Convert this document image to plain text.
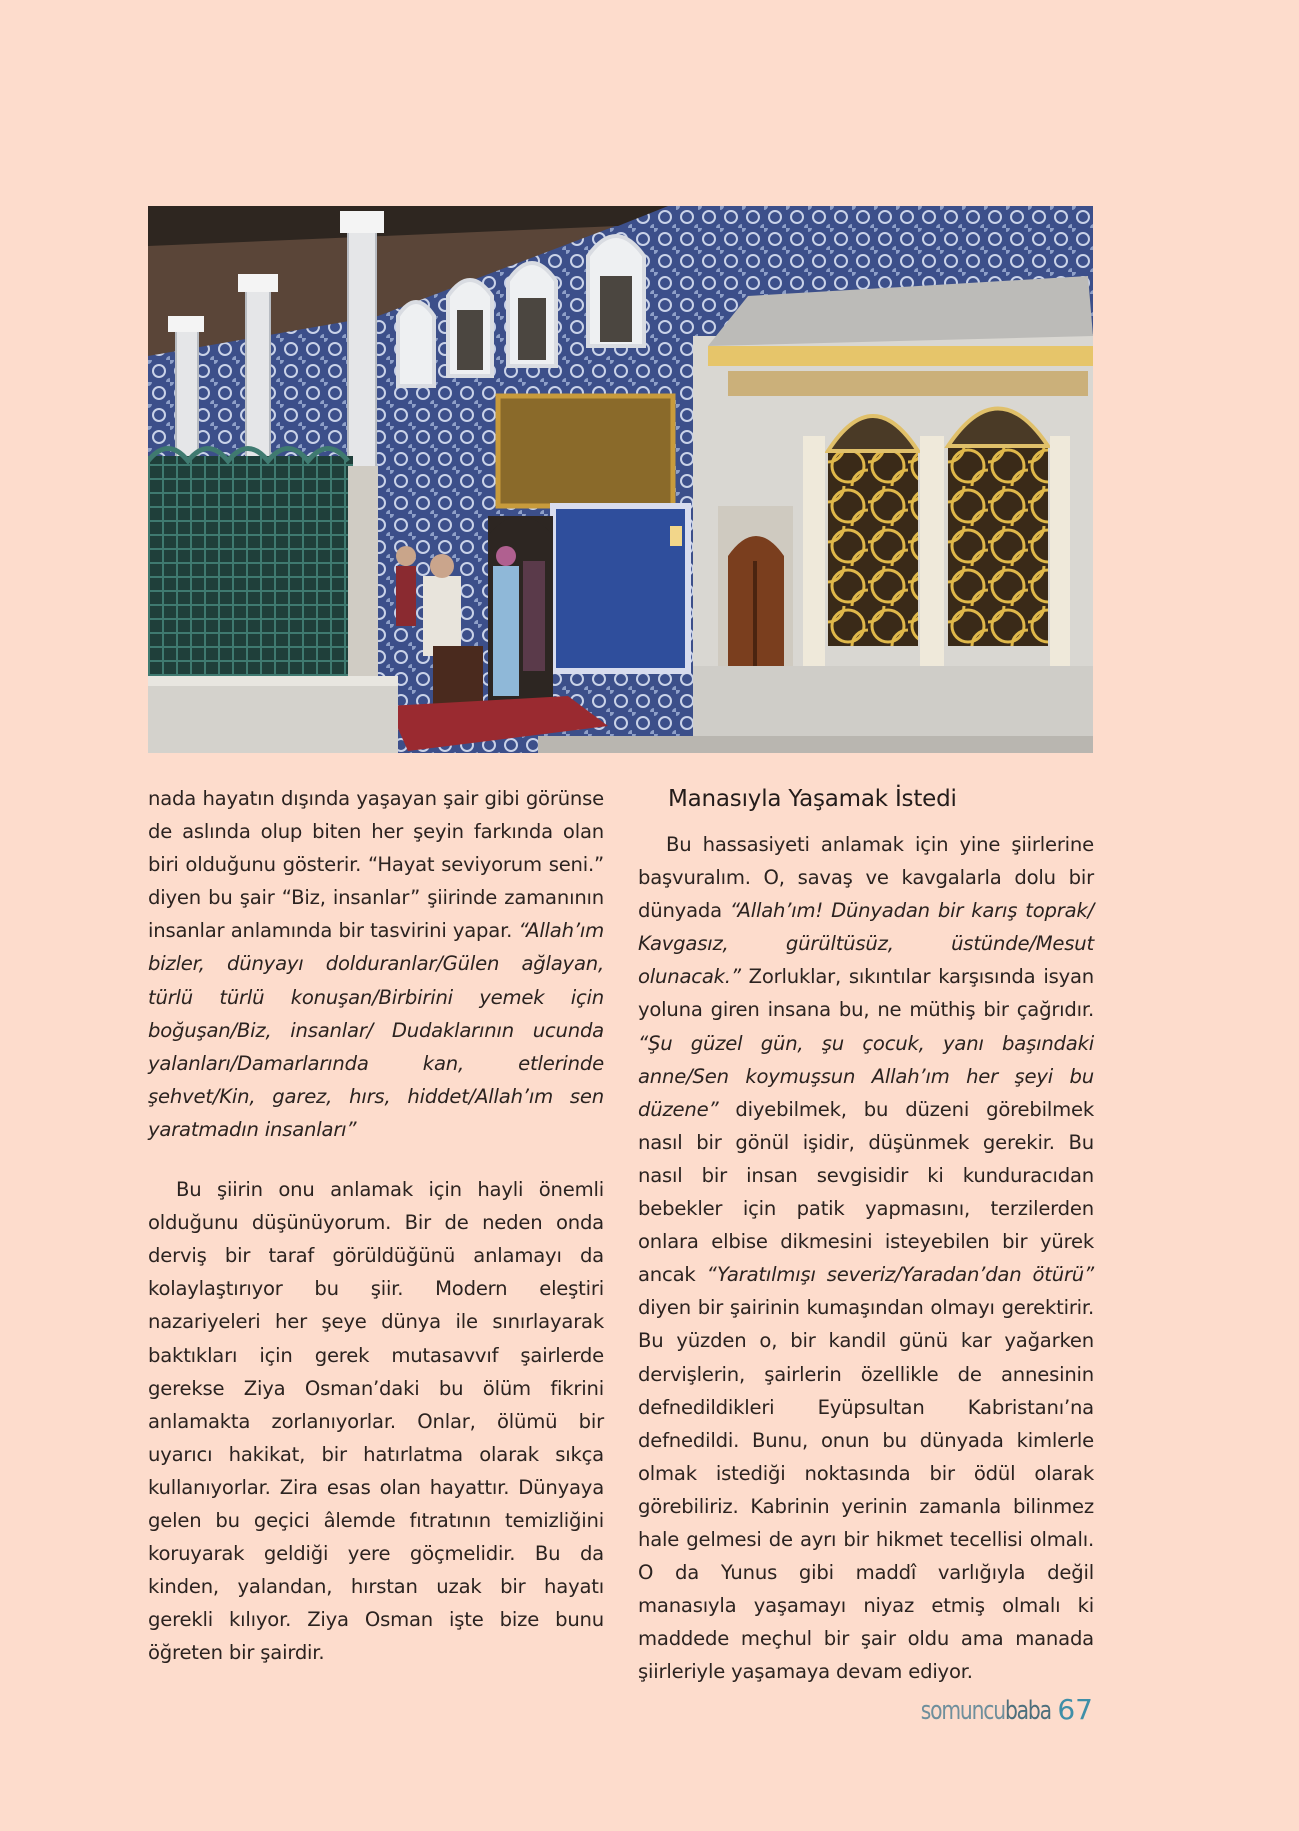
nada hayatın dışında yaşayan şair gibi görünse de aslında olup biten her şeyin farkında olan biri olduğunu gösterir. “Hayat seviyorum seni.” diyen bu şair “Biz, insanlar” şiirinde zamanının insanlar anlamında bir tasvirini yapar. “Allah’ım bizler, dünyayı dolduranlar/Gülen ağlayan, türlü türlü konuşan/Birbirini yemek için boğuşan/Biz, insanlar/ Dudaklarının ucunda yalanları/Damarlarında kan, etlerinde şehvet/Kin, garez, hırs, hiddet/Allah’ım sen yaratmadın insanları”

Bu şiirin onu anlamak için hayli önemli olduğunu düşünüyorum. Bir de neden onda derviş bir taraf görüldüğünü anlamayı da kolaylaştırıyor bu şiir. Modern eleştiri nazariyeleri her şeye dünya ile sınırlayarak baktıkları için gerek mutasavvıf şairlerde gerekse Ziya Osman’daki bu ölüm fikrini anlamakta zorlanıyorlar. Onlar, ölümü bir uyarıcı hakikat, bir hatırlatma olarak sıkça kullanıyorlar. Zira esas olan hayattır. Dünyaya gelen bu geçici âlemde fıtratının temizliğini koruyarak geldiği yere göçmelidir. Bu da kinden, yalandan, hırstan uzak bir hayatı gerekli kılıyor. Ziya Osman işte bize bunu öğreten bir şairdir.

Manasıyla Yaşamak İstedi

Bu hassasiyeti anlamak için yine şiirlerine başvuralım. O, savaş ve kavgalarla dolu bir dünyada “Allah’ım! Dünyadan bir karış toprak/ Kavgasız, gürültüsüz, üstünde/Mesut olunacak.” Zorluklar, sıkıntılar karşısında isyan yoluna giren insana bu, ne müthiş bir çağrıdır. “Şu güzel gün, şu çocuk, yanı başındaki anne/Sen koymuşsun Allah’ım her şeyi bu düzene” diyebilmek, bu düzeni görebilmek nasıl bir gönül işidir, düşünmek gerekir. Bu nasıl bir insan sevgisidir ki kunduracıdan bebekler için patik yapmasını, terzilerden onlara elbise dikmesini isteyebilen bir yürek ancak “Yaratılmışı severiz/Yaradan’dan ötürü” diyen bir şairinin kumaşından olmayı gerektirir. Bu yüzden o, bir kandil günü kar yağarken dervişlerin, şairlerin özellikle de annesinin defnedildikleri Eyüpsultan Kabristanı’na defnedildi. Bunu, onun bu dünyada kimlerle olmak istediği noktasında bir ödül olarak görebiliriz. Kabrinin yerinin zamanla bilinmez hale gelmesi de ayrı bir hikmet tecellisi olmalı. O da Yunus gibi maddî varlığıyla değil manasıyla yaşamayı niyaz etmiş olmalı ki maddede meçhul bir şair oldu ama manada şiirleriyle yaşamaya devam ediyor.

somuncubaba 67
